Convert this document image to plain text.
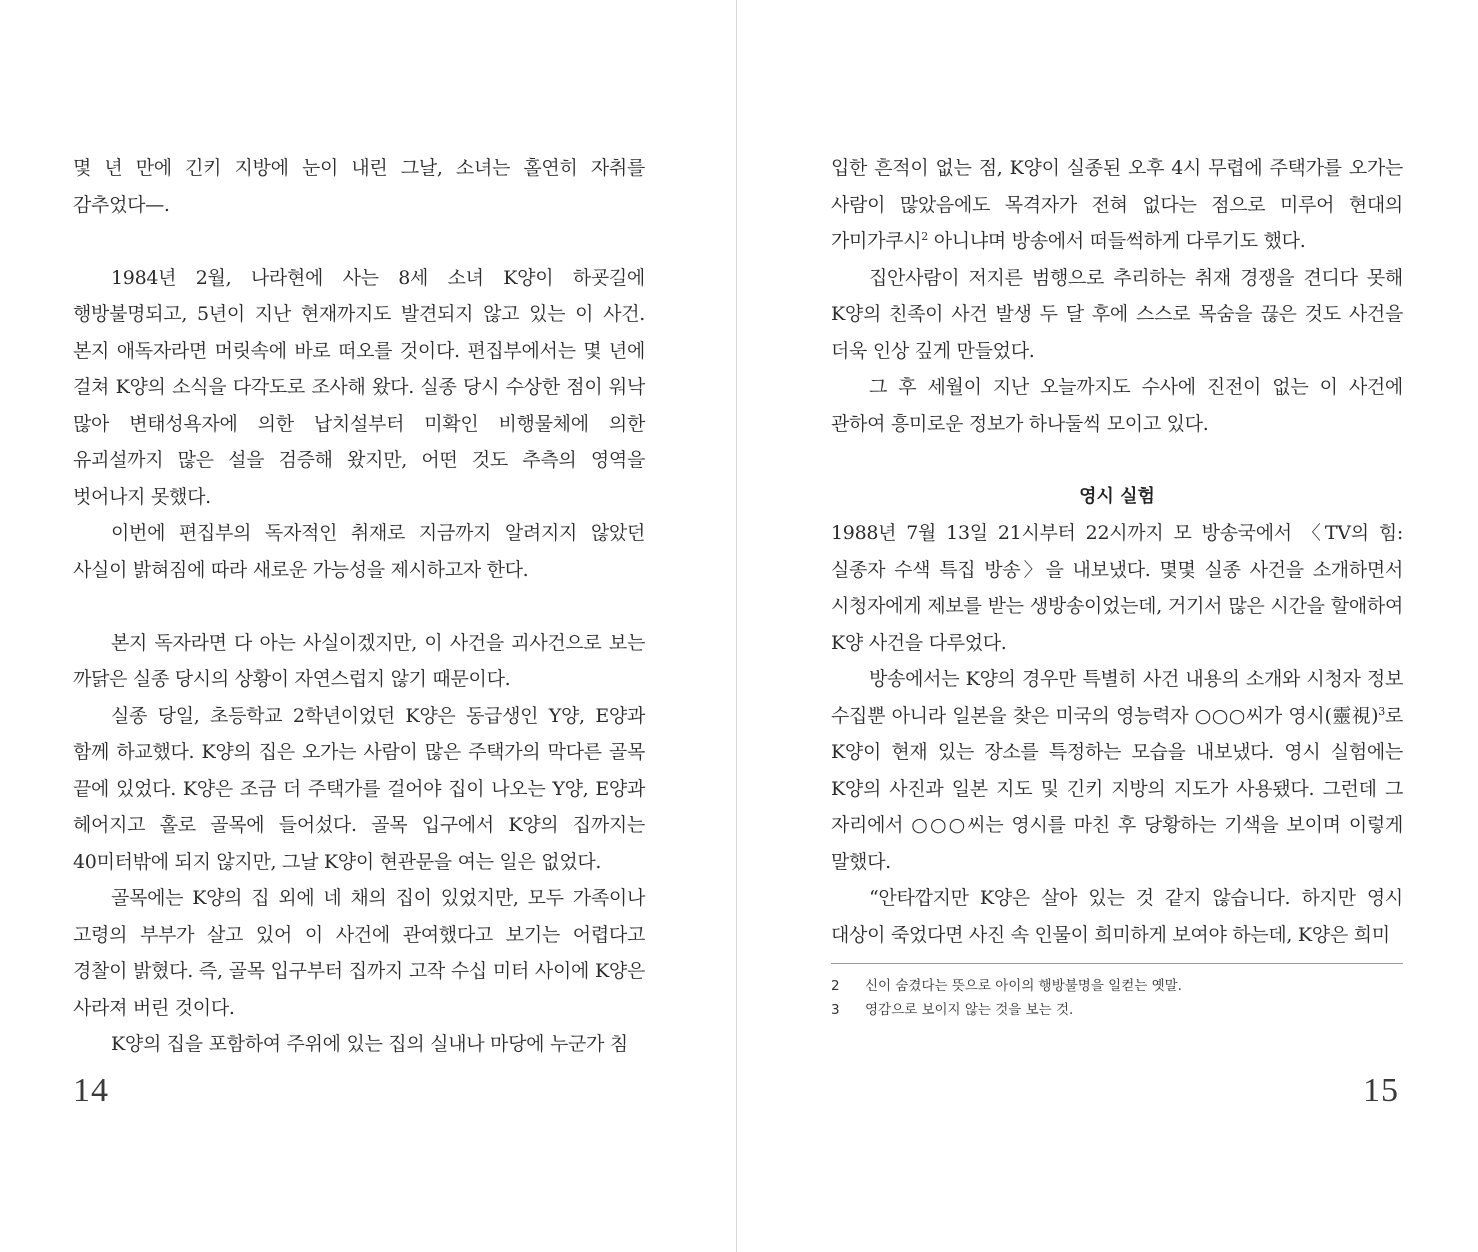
몇 년 만에 긴키 지방에 눈이 내린 그날, 소녀는 홀연히 자취를 감추었다—.

1984년 2월, 나라현에 사는 8세 소녀 K양이 하굣길에 행방불명되고, 5년이 지난 현재까지도 발견되지 않고 있는 이 사건. 본지 애독자라면 머릿속에 바로 떠오를 것이다. 편집부에서는 몇 년에 걸쳐 K양의 소식을 다각도로 조사해 왔다. 실종 당시 수상한 점이 워낙 많아 변태성욕자에 의한 납치설부터 미확인 비행물체에 의한 유괴설까지 많은 설을 검증해 왔지만, 어떤 것도 추측의 영역을 벗어나지 못했다.

이번에 편집부의 독자적인 취재로 지금까지 알려지지 않았던 사실이 밝혀짐에 따라 새로운 가능성을 제시하고자 한다.

본지 독자라면 다 아는 사실이겠지만, 이 사건을 괴사건으로 보는 까닭은 실종 당시의 상황이 자연스럽지 않기 때문이다.

실종 당일, 초등학교 2학년이었던 K양은 동급생인 Y양, E양과 함께 하교했다. K양의 집은 오가는 사람이 많은 주택가의 막다른 골목 끝에 있었다. K양은 조금 더 주택가를 걸어야 집이 나오는 Y양, E양과 헤어지고 홀로 골목에 들어섰다. 골목 입구에서 K양의 집까지는 40미터밖에 되지 않지만, 그날 K양이 현관문을 여는 일은 없었다.

골목에는 K양의 집 외에 네 채의 집이 있었지만, 모두 가족이나 고령의 부부가 살고 있어 이 사건에 관여했다고 보기는 어렵다고 경찰이 밝혔다. 즉, 골목 입구부터 집까지 고작 수십 미터 사이에 K양은 사라져 버린 것이다.

K양의 집을 포함하여 주위에 있는 집의 실내나 마당에 누군가 침

14

입한 흔적이 없는 점, K양이 실종된 오후 4시 무렵에 주택가를 오가는 사람이 많았음에도 목격자가 전혀 없다는 점으로 미루어 현대의 가미가쿠시$^2$ 아니냐며 방송에서 떠들썩하게 다루기도 했다.

집안사람이 저지른 범행으로 추리하는 취재 경쟁을 견디다 못해 K양의 친족이 사건 발생 두 달 후에 스스로 목숨을 끊은 것도 사건을 더욱 인상 깊게 만들었다.

그 후 세월이 지난 오늘까지도 수사에 진전이 없는 이 사건에 관하여 흥미로운 정보가 하나둘씩 모이고 있다.

영시 실험

1988년 7월 13일 21시부터 22시까지 모 방송국에서 〈TV의 힘: 실종자 수색 특집 방송〉을 내보냈다. 몇몇 실종 사건을 소개하면서 시청자에게 제보를 받는 생방송이었는데, 거기서 많은 시간을 할애하여 K양 사건을 다루었다.

방송에서는 K양의 경우만 특별히 사건 내용의 소개와 시청자 정보 수집뿐 아니라 일본을 찾은 미국의 영능력자 ○○○씨가 영시(靈視)$^3$로 K양이 현재 있는 장소를 특정하는 모습을 내보냈다. 영시 실험에는 K양의 사진과 일본 지도 및 긴키 지방의 지도가 사용됐다. 그런데 그 자리에서 ○○○씨는 영시를 마친 후 당황하는 기색을 보이며 이렇게 말했다.

“안타깝지만 K양은 살아 있는 것 같지 않습니다. 하지만 영시 대상이 죽었다면 사진 속 인물이 희미하게 보여야 하는데, K양은 희미

2	신이 숨겼다는 뜻으로 아이의 행방불명을 일컫는 옛말.
3	영감으로 보이지 않는 것을 보는 것.
15
